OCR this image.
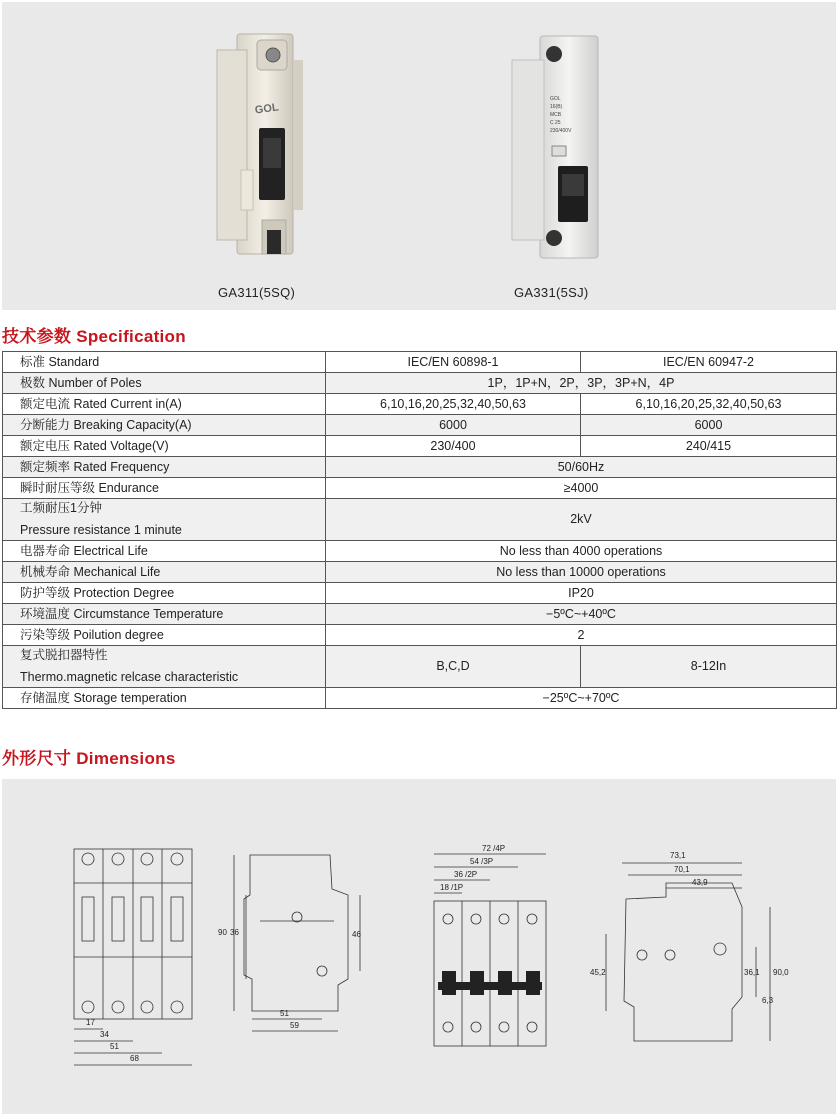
GOL
GA311(5SQ)
GOL
16(B)
MCB
C 25
230/400V
GA331(5SJ)
技术参数 Specification
标准 Standard	IEC/EN 60898-1	IEC/EN 60947-2
极数 Number of Poles	1P，1P+N，2P，3P，3P+N，4P	
额定电流 Rated Current in(A)	6,10,16,20,25,32,40,50,63	6,10,16,20,25,32,40,50,63
分断能力 Breaking Capacity(A)	6000	6000
额定电压 Rated Voltage(V)	230/400	240/415
额定频率 Rated Frequency	50/60Hz	
瞬时耐压等级 Endurance	≥4000	

工频耐压1分钟
Pressure resistance 1 minute	2kV	
电器寿命 Electrical Life	No less than 4000 operations	
机械寿命 Mechanical Life	No less than 10000 operations	
防护等级 Protection Degree	IP20	
环境温度 Circumstance Temperature	−5ºC~+40ºC	
污染等级 Poilution degree	2	

复式脱扣器特性
Thermo.magnetic relcase characteristic	B,C,D	8-12In
存储温度 Storage temperation	−25ºC~+70ºC	
外形尺寸 Dimensions
17
34
51
68
90 36	46
51
59
72 /4P
54 /3P
36 /2P
18 /1P
73,1
70,1
43,9
45,2	36,1 90,0
6,3
